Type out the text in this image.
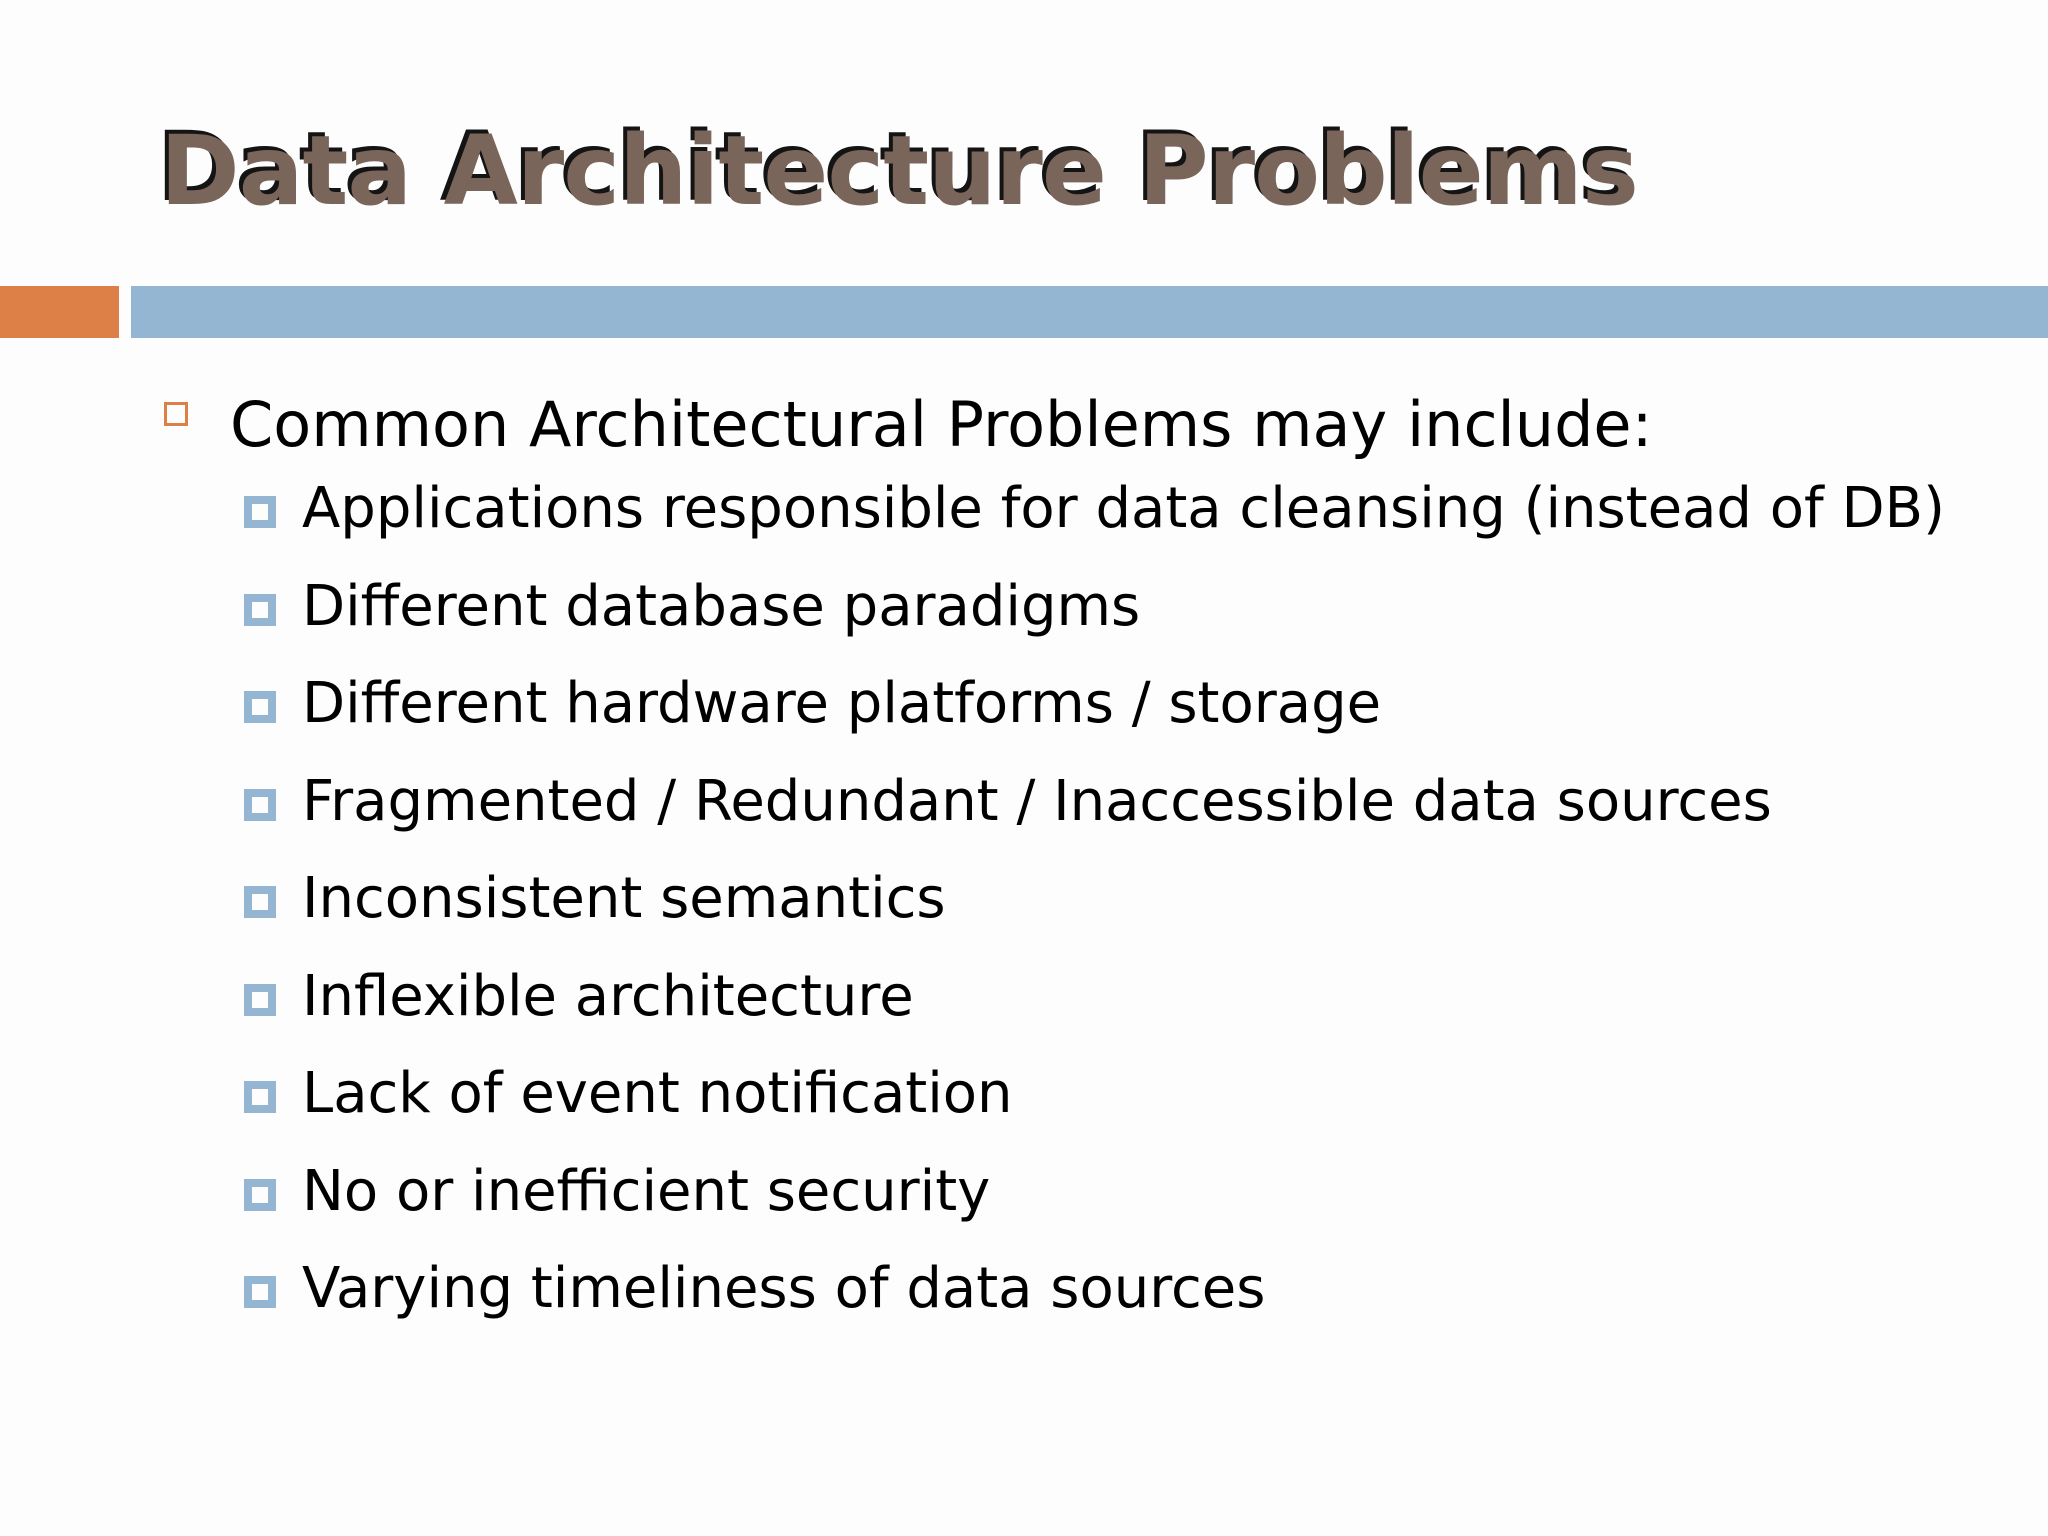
Data Architecture Problems
Common Architectural Problems may include:
Applications responsible for data cleansing (instead of DB)
Different database paradigms
Different hardware platforms / storage
Fragmented / Redundant / Inaccessible data sources
Inconsistent semantics
Inflexible architecture
Lack of event notification
No or inefficient security
Varying timeliness of data sources
